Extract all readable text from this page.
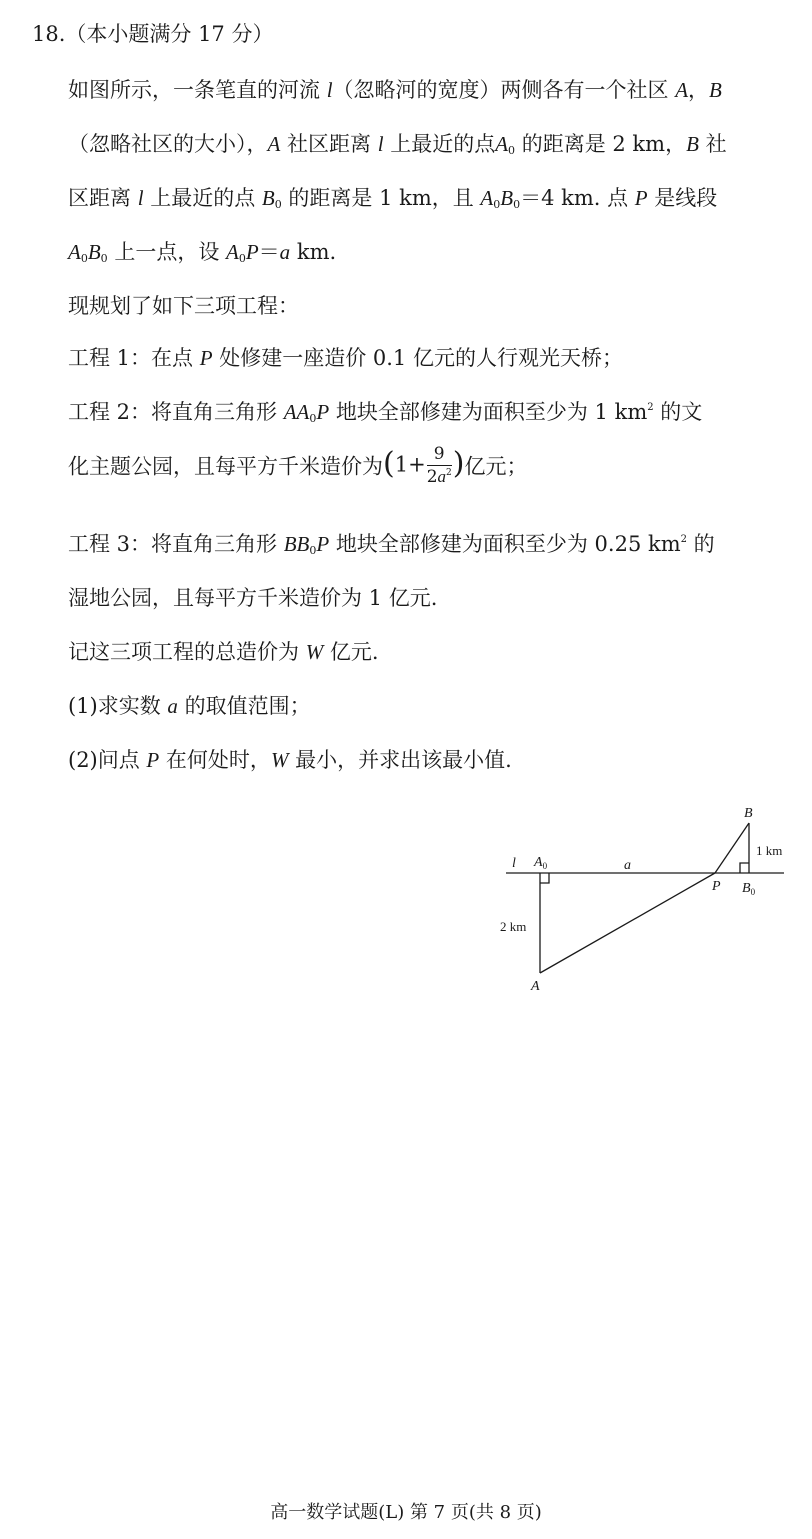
18.（本小题满分 17 分）
如图所示，一条笔直的河流 l（忽略河的宽度）两侧各有一个社区 A，B
（忽略社区的大小），A 社区距离 l 上最近的点$A_0$ 的距离是 2 km，B 社
区距离 l 上最近的点 $B_0$ 的距离是 1 km，且 $A_0B_0=4$ km. 点 P 是线段
$A_0B_0$ 上一点，设 $A_0P=a$ km.
现规划了如下三项工程：
工程 1：在点 P 处修建一座造价 0.1 亿元的人行观光天桥；
工程 2：将直角三角形 $AA_0P$ 地块全部修建为面积至少为 1 $km^2$ 的文
化主题公园，且每平方千米造价为($1+ \frac{9}{2a^2}$ )亿元；
工程 3：将直角三角形 $BB_0P$ 地块全部修建为面积至少为 0.25 $km^2$ 的
湿地公园，且每平方千米造价为 1 亿元.
记这三项工程的总造价为 W 亿元.
(1)求实数 a 的取值范围；
(2)问点 P 在何处时，W 最小，并求出该最小值.
l $A_0$	a
B
1 km
P $B_0$
2 km
A
高一数学试题(L) 第 7 页(共 8 页)
